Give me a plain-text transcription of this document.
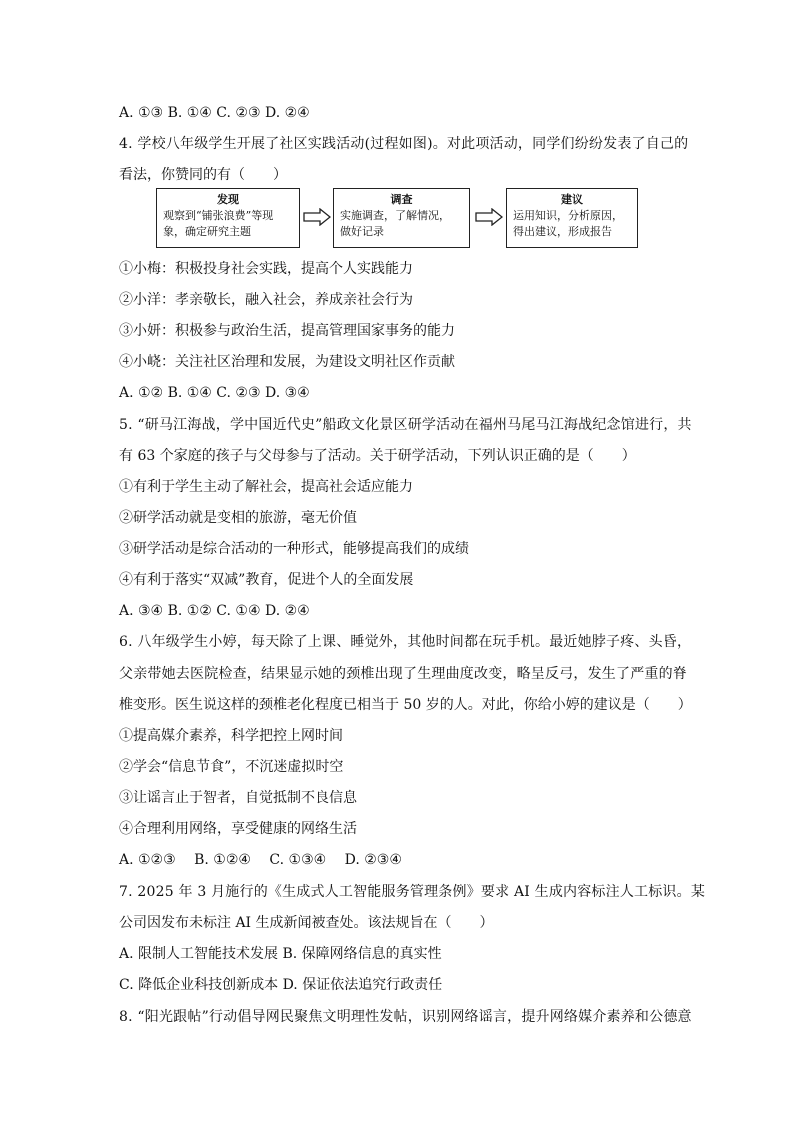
A. ①③ B. ①④ C. ②③ D. ②④
4. 学校八年级学生开展了社区实践活动(过程如图)。对此项活动，同学们纷纷发表了自己的
看法，你赞同的有（　　）
发现
观察到“铺张浪费”等现
象，确定研究主题
调查
实施调查，了解情况，
做好记录
建议
运用知识，分析原因，
得出建议，形成报告
①小梅：积极投身社会实践，提高个人实践能力
②小洋：孝亲敬长，融入社会，养成亲社会行为
③小妍：积极参与政治生活，提高管理国家事务的能力
④小峣：关注社区治理和发展，为建设文明社区作贡献
A. ①② B. ①④ C. ②③ D. ③④
5. “研马江海战，学中国近代史”船政文化景区研学活动在福州马尾马江海战纪念馆进行，共
有 63 个家庭的孩子与父母参与了活动。关于研学活动，下列认识正确的是（　　）
①有利于学生主动了解社会，提高社会适应能力
②研学活动就是变相的旅游，毫无价值
③研学活动是综合活动的一种形式，能够提高我们的成绩
④有利于落实“双减”教育，促进个人的全面发展
A. ③④ B. ①② C. ①④ D. ②④
6. 八年级学生小婷，每天除了上课、睡觉外，其他时间都在玩手机。最近她脖子疼、头昏，
父亲带她去医院检查，结果显示她的颈椎出现了生理曲度改变，略呈反弓，发生了严重的脊
椎变形。医生说这样的颈椎老化程度已相当于 50 岁的人。对此，你给小婷的建议是（　　）
①提高媒介素养，科学把控上网时间
②学会“信息节食”，不沉迷虚拟时空
③让谣言止于智者，自觉抵制不良信息
④合理利用网络，享受健康的网络生活
A. ①②③　 B. ①②④　 C. ①③④　 D. ②③④
7. 2025 年 3 月施行的《生成式人工智能服务管理条例》要求 AI 生成内容标注人工标识。某
公司因发布未标注 AI 生成新闻被查处。该法规旨在（　　）
A. 限制人工智能技术发展 B. 保障网络信息的真实性
C. 降低企业科技创新成本 D. 保证依法追究行政责任
8. “阳光跟帖”行动倡导网民聚焦文明理性发帖，识别网络谣言，提升网络媒介素养和公德意
